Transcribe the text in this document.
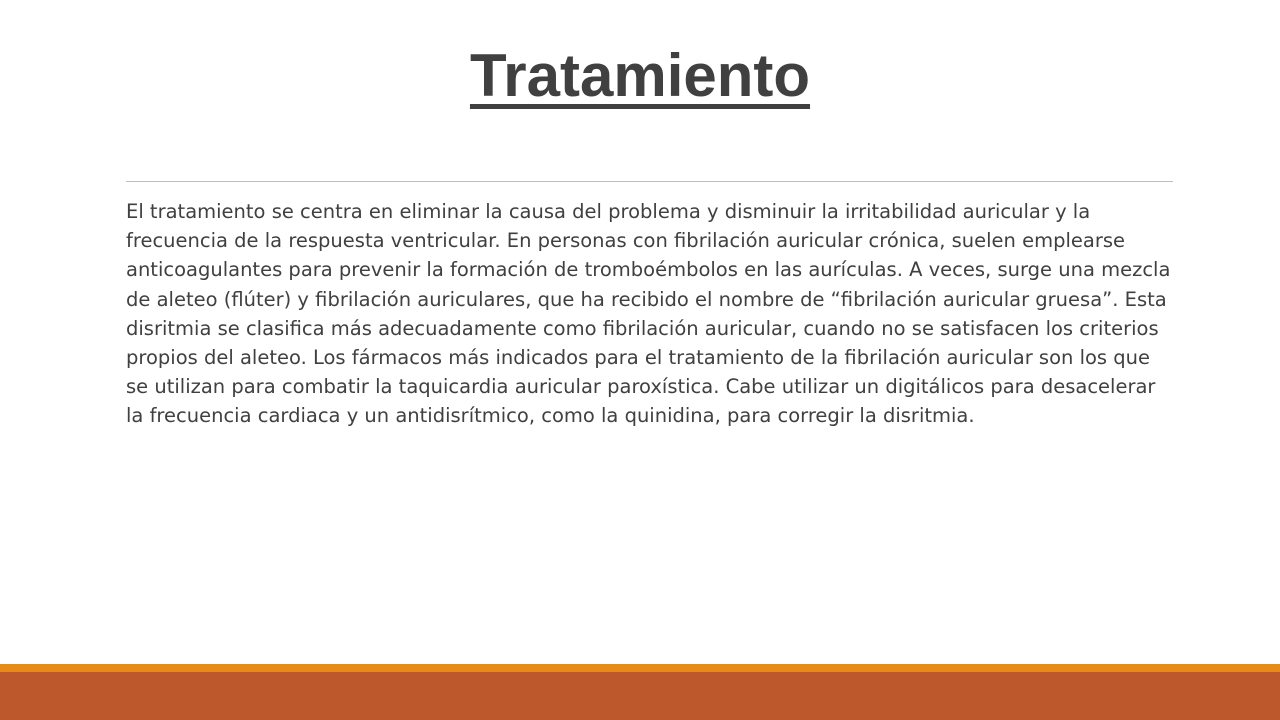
Tratamiento

El tratamiento se centra en eliminar la causa del problema y disminuir la irritabilidad auricular y la frecuencia de la respuesta ventricular. En personas con fibrilación auricular crónica, suelen emplearse anticoagulantes para prevenir la formación de tromboémbolos en las aurículas. A veces, surge una mezcla de aleteo (flúter) y fibrilación auriculares, que ha recibido el nombre de “fibrilación auricular gruesa”. Esta disritmia se clasifica más adecuadamente como fibrilación auricular, cuando no se satisfacen los criterios propios del aleteo. Los fármacos más indicados para el tratamiento de la fibrilación auricular son los que se utilizan para combatir la taquicardia auricular paroxística. Cabe utilizar un digitálicos para desacelerar la frecuencia cardiaca y un antidisrítmico, como la quinidina, para corregir la disritmia.
